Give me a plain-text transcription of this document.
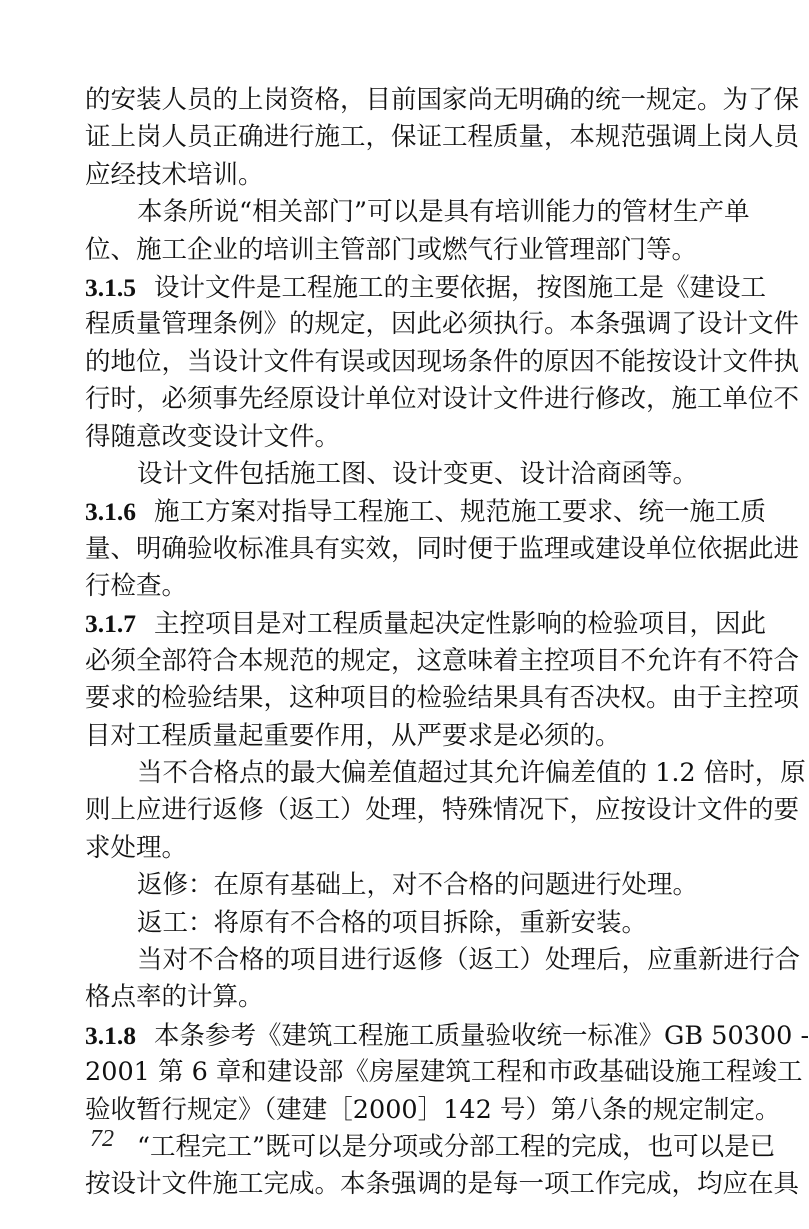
的安装人员的上岗资格，目前国家尚无明确的统一规定。为了保
证上岗人员正确进行施工，保证工程质量，本规范强调上岗人员
应经技术培训。
本条所说“相关部门”可以是具有培训能力的管材生产单
位、施工企业的培训主管部门或燃气行业管理部门等。
3.1.5 设计文件是工程施工的主要依据，按图施工是《建设工
程质量管理条例》的规定，因此必须执行。本条强调了设计文件
的地位，当设计文件有误或因现场条件的原因不能按设计文件执
行时，必须事先经原设计单位对设计文件进行修改，施工单位不
得随意改变设计文件。
设计文件包括施工图、设计变更、设计洽商函等。
3.1.6 施工方案对指导工程施工、规范施工要求、统一施工质
量、明确验收标准具有实效，同时便于监理或建设单位依据此进
行检查。
3.1.7 主控项目是对工程质量起决定性影响的检验项目，因此
必须全部符合本规范的规定，这意味着主控项目不允许有不符合
要求的检验结果，这种项目的检验结果具有否决权。由于主控项
目对工程质量起重要作用，从严要求是必须的。
当不合格点的最大偏差值超过其允许偏差值的 1.2 倍时，原
则上应进行返修（返工）处理，特殊情况下，应按设计文件的要
求处理。
返修：在原有基础上，对不合格的问题进行处理。
返工：将原有不合格的项目拆除，重新安装。
当对不合格的项目进行返修（返工）处理后，应重新进行合
格点率的计算。
3.1.8 本条参考《建筑工程施工质量验收统一标准》GB 50300 -
2001 第 6 章和建设部《房屋建筑工程和市政基础设施工程竣工
验收暂行规定》（建建［2000］142 号）第八条的规定制定。
“工程完工”既可以是分项或分部工程的完成，也可以是已
按设计文件施工完成。本条强调的是每一项工作完成，均应在具
72
